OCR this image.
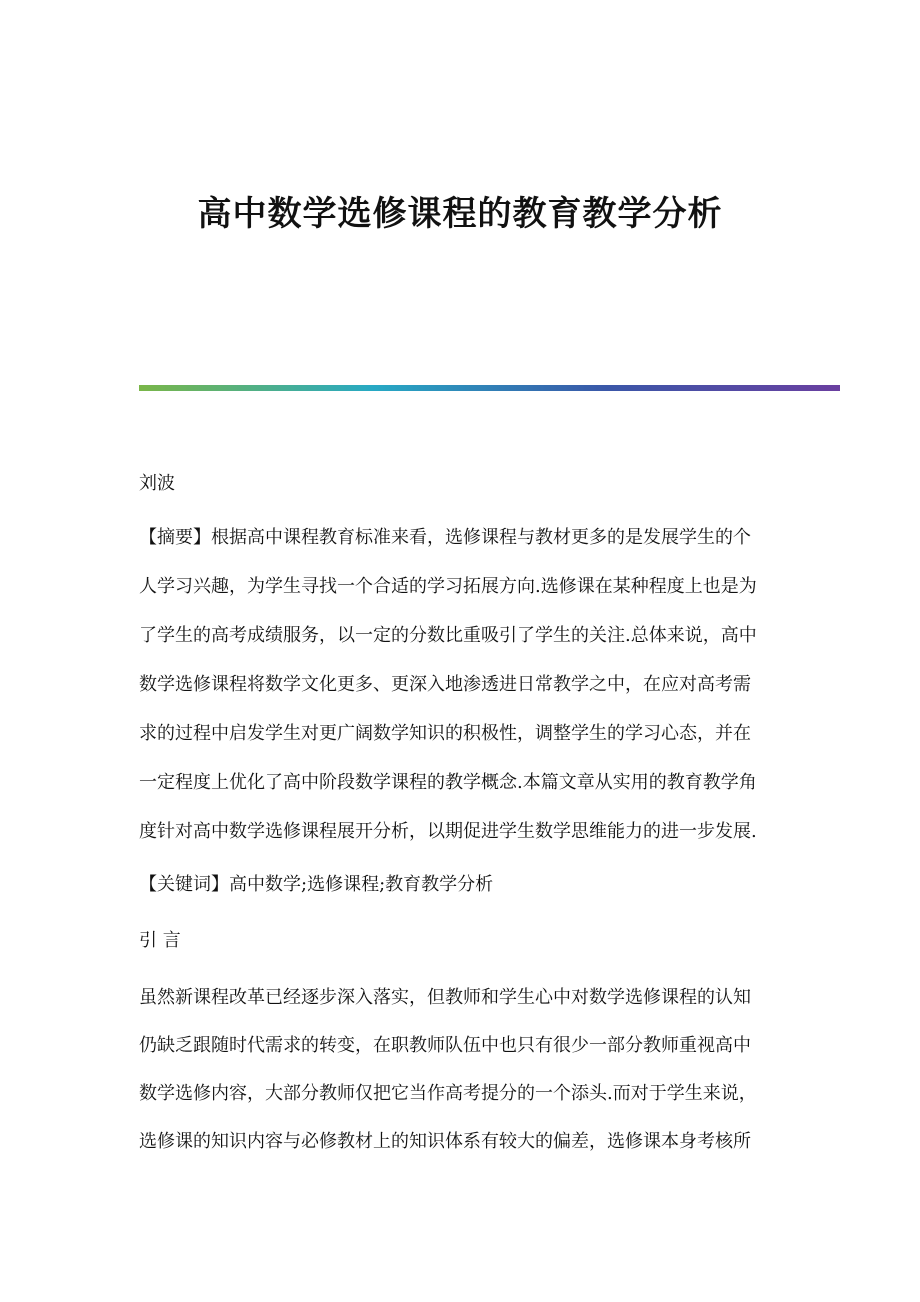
高中数学选修课程的教育教学分析

刘波

【摘要】根据高中课程教育标准来看，选修课程与教材更多的是发展学生的个

人学习兴趣，为学生寻找一个合适的学习拓展方向.选修课在某种程度上也是为

了学生的高考成绩服务，以一定的分数比重吸引了学生的关注.总体来说，高中

数学选修课程将数学文化更多、更深入地渗透进日常教学之中，在应对高考需

求的过程中启发学生对更广阔数学知识的积极性，调整学生的学习心态，并在

一定程度上优化了高中阶段数学课程的教学概念.本篇文章从实用的教育教学角

度针对高中数学选修课程展开分析，以期促进学生数学思维能力的进一步发展.

【关键词】高中数学;选修课程;教育教学分析

引 言

虽然新课程改革已经逐步深入落实，但教师和学生心中对数学选修课程的认知

仍缺乏跟随时代需求的转变，在职教师队伍中也只有很少一部分教师重视高中

数学选修内容，大部分教师仅把它当作高考提分的一个添头.而对于学生来说，

选修课的知识内容与必修教材上的知识体系有较大的偏差，选修课本身考核所
